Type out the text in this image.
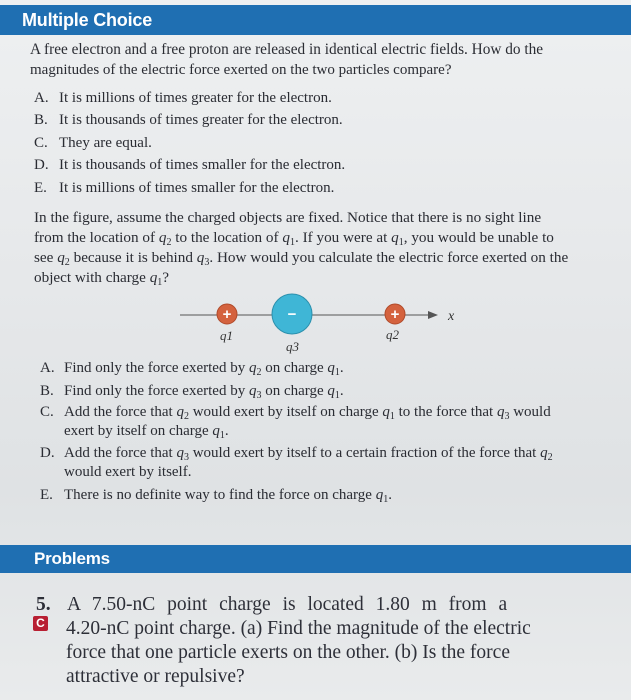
Multiple Choice
A free electron and a free proton are released in identical electric fields. How do the
magnitudes of the electric force exerted on the two particles compare?
A. It is millions of times greater for the electron.
B. It is thousands of times greater for the electron.
C. They are equal.
D. It is thousands of times smaller for the electron.
E. It is millions of times smaller for the electron.
In the figure, assume the charged objects are fixed. Notice that there is no sight line
from the location of $q_2$ to the location of $q_1$. If you were at $q_1$, you would be unable to
see $q_2$ because it is behind $q_3$. How would you calculate the electric force exerted on the
object with charge $q_1$?
x
+	−	+
q1
q3
q2
A. Find only the force exerted by $q_2$ on charge $q_1$.
B. Find only the force exerted by $q_3$ on charge $q_1$.
C. Add the force that $q_2$ would exert by itself on charge $q_1$ to the force that $q_3$ would
exert by itself on charge $q_1$.
D. Add the force that $q_3$ would exert by itself to a certain fraction of the force that $q_2$
would exert by itself.
E. There is no definite way to find the force on charge $q_1$.
Problems
5.
C
A 7.50-nC point charge is located 1.80 m from a
4.20-nC point charge. (a) Find the magnitude of the electric
force that one particle exerts on the other. (b) Is the force
attractive or repulsive?
